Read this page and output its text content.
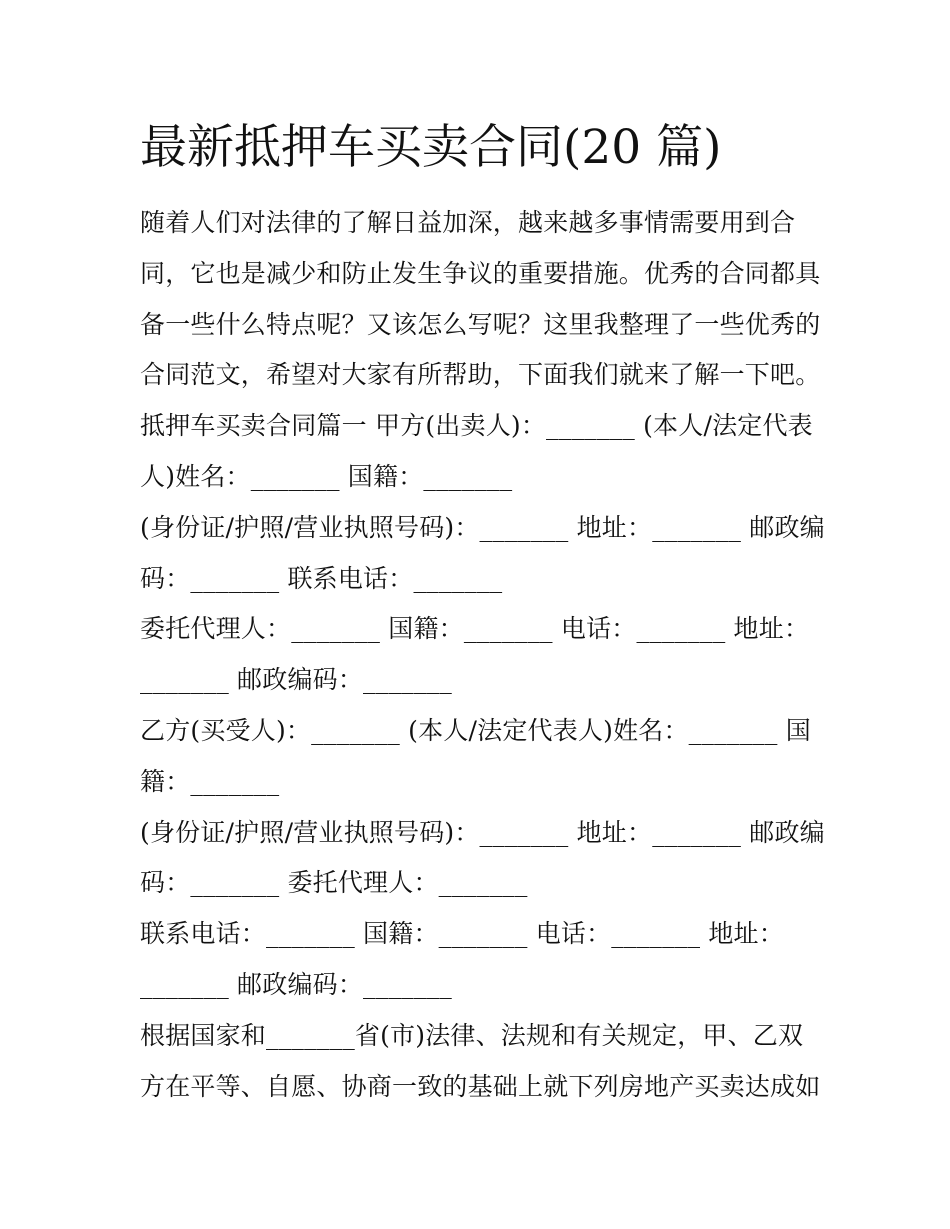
最新抵押车买卖合同(20 篇)
随着人们对法律的了解日益加深，越来越多事情需要用到合
同，它也是减少和防止发生争议的重要措施。优秀的合同都具
备一些什么特点呢？又该怎么写呢？这里我整理了一些优秀的
合同范文，希望对大家有所帮助，下面我们就来了解一下吧。
抵押车买卖合同篇一 甲方(出卖人)：_______ (本人/法定代表
人)姓名：_______ 国籍：_______
(身份证/护照/营业执照号码)：_______ 地址：_______ 邮政编
码：_______ 联系电话：_______
委托代理人：_______ 国籍：_______ 电话：_______ 地址：
_______ 邮政编码：_______
乙方(买受人)：_______ (本人/法定代表人)姓名：_______ 国
籍：_______
(身份证/护照/营业执照号码)：_______ 地址：_______ 邮政编
码：_______ 委托代理人：_______
联系电话：_______ 国籍：_______ 电话：_______ 地址：
_______ 邮政编码：_______
根据国家和_______省(市)法律、法规和有关规定，甲、乙双
方在平等、自愿、协商一致的基础上就下列房地产买卖达成如
